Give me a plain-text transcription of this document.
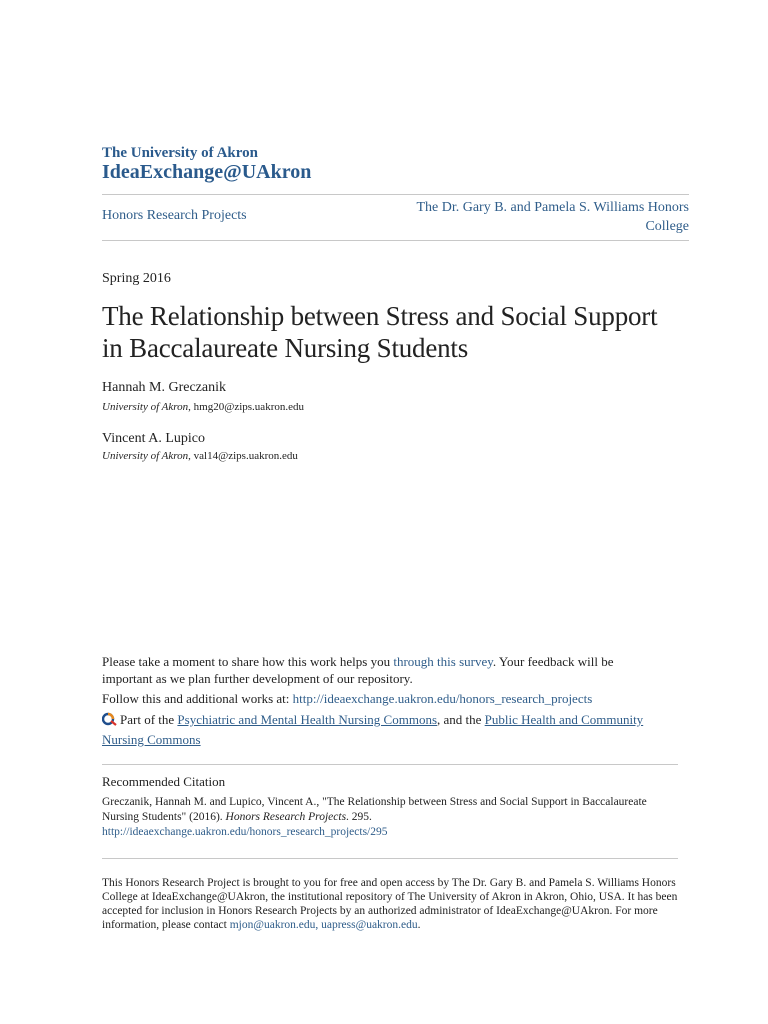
The University of Akron
IdeaExchange@UAkron
Honors Research Projects
The Dr. Gary B. and Pamela S. Williams Honors College
Spring 2016
The Relationship between Stress and Social Support in Baccalaureate Nursing Students
Hannah M. Greczanik
University of Akron, hmg20@zips.uakron.edu
Vincent A. Lupico
University of Akron, val14@zips.uakron.edu
Please take a moment to share how this work helps you through this survey. Your feedback will be important as we plan further development of our repository.
Follow this and additional works at: http://ideaexchange.uakron.edu/honors_research_projects
Part of the Psychiatric and Mental Health Nursing Commons, and the Public Health and Community Nursing Commons
Recommended Citation
Greczanik, Hannah M. and Lupico, Vincent A., "The Relationship between Stress and Social Support in Baccalaureate Nursing Students" (2016). Honors Research Projects. 295.
http://ideaexchange.uakron.edu/honors_research_projects/295
This Honors Research Project is brought to you for free and open access by The Dr. Gary B. and Pamela S. Williams Honors College at IdeaExchange@UAkron, the institutional repository of The University of Akron in Akron, Ohio, USA. It has been accepted for inclusion in Honors Research Projects by an authorized administrator of IdeaExchange@UAkron. For more information, please contact mjon@uakron.edu, uapress@uakron.edu.
